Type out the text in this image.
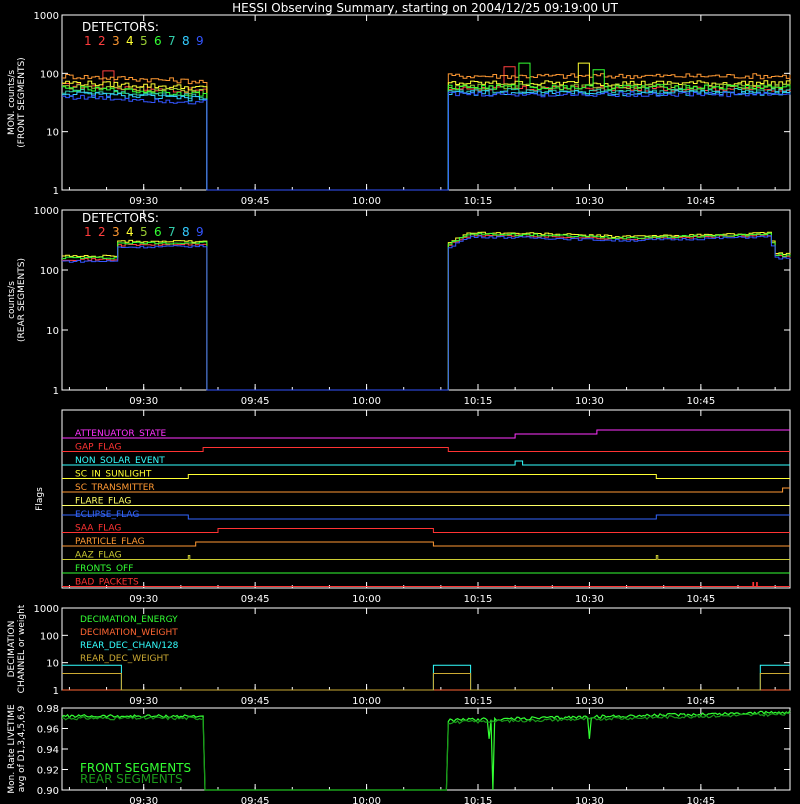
HESSI Observing Summary, starting on 2004/12/25 09:19:00 UT
09:30	09:45	10:00	10:15	10:30	10:45
1
10
100
1000
MON. counts/s (FRONT SEGMENTS)
DETECTORS:
1 2 3 4 5 6 7 8 9
09:30	09:45	10:00	10:15	10:30	10:45
1
10
100
1000
counts/s (REAR SEGMENTS)
DETECTORS:
1 2 3 4 5 6 7 8 9
09:30	09:45	10:00	10:15	10:30	10:45
Flags
ATTENUATOR_STATE
GAP_FLAG
NON_SOLAR_EVENT
SC_IN_SUNLIGHT
SC_TRANSMITTER
FLARE_FLAG
ECLIPSE_FLAG
SAA_FLAG
PARTICLE_FLAG
AAZ_FLAG
FRONTS_OFF
BAD_PACKETS
09:30	09:45	10:00	10:15	10:30	10:45
1
10
100
1000
DECIMATION CHANNEL or weight	DECIMATION_ENERGY
DECIMATION_WEIGHT
REAR_DEC_CHAN/128
REAR_DEC_WEIGHT
09:30	09:45	10:00	10:15	10:30	10:45
0.90
0.92
0.94
0.96
0.98
Mon. Rate LIVETIME avg of D1,3,4,5,6,9	FRONT SEGMENTS
REAR SEGMENTS
